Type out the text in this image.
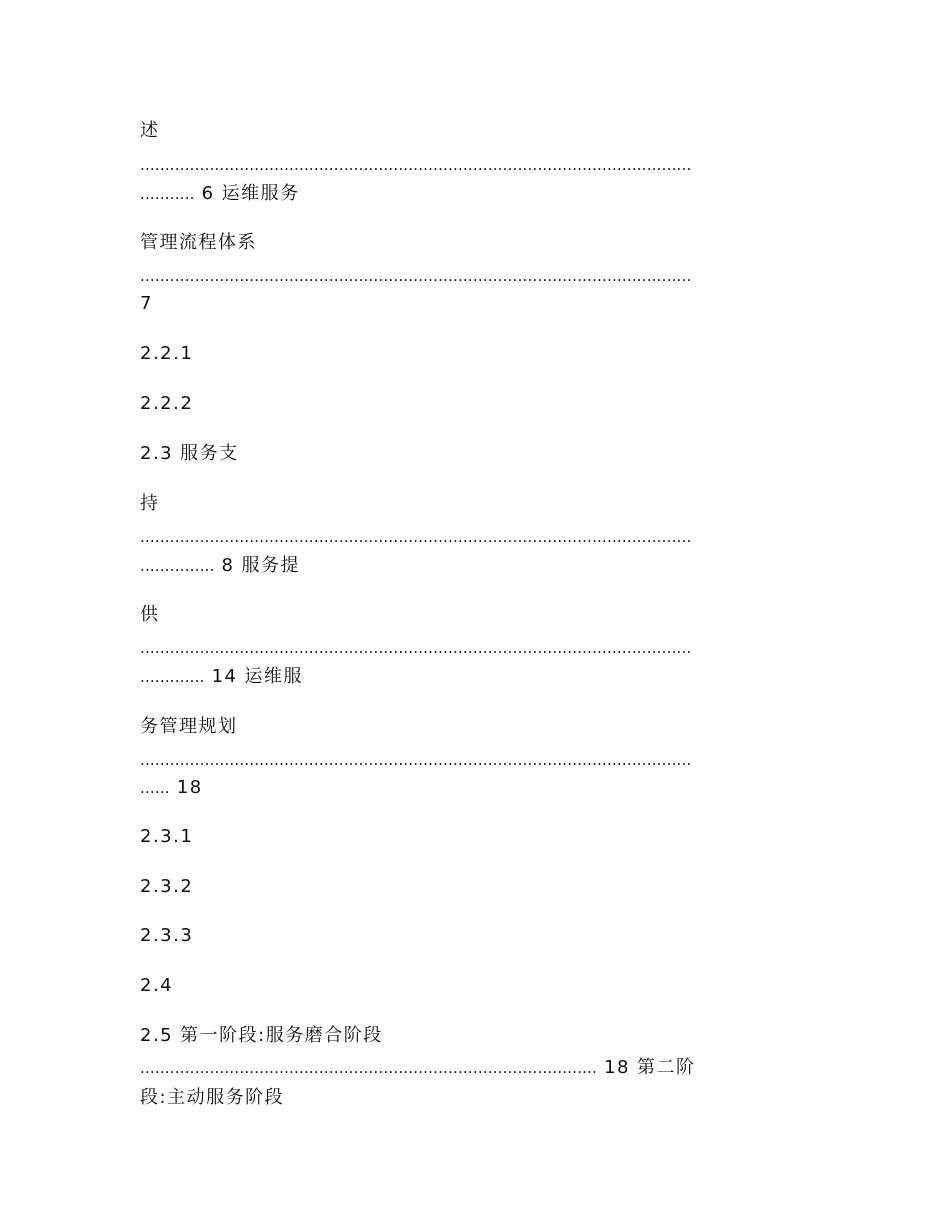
述
...............................................................................................................
........... 6 运维服务
管理流程体系
...............................................................................................................
7
2.2.1
2.2.2
2.3 服务支
持
...............................................................................................................
............... 8 服务提
供
...............................................................................................................
............. 14 运维服
务管理规划
...............................................................................................................
...... 18
2.3.1
2.3.2
2.3.3
2.4
2.5 第一阶段:服务磨合阶段
............................................................................................ 18 第二阶
段:主动服务阶段
